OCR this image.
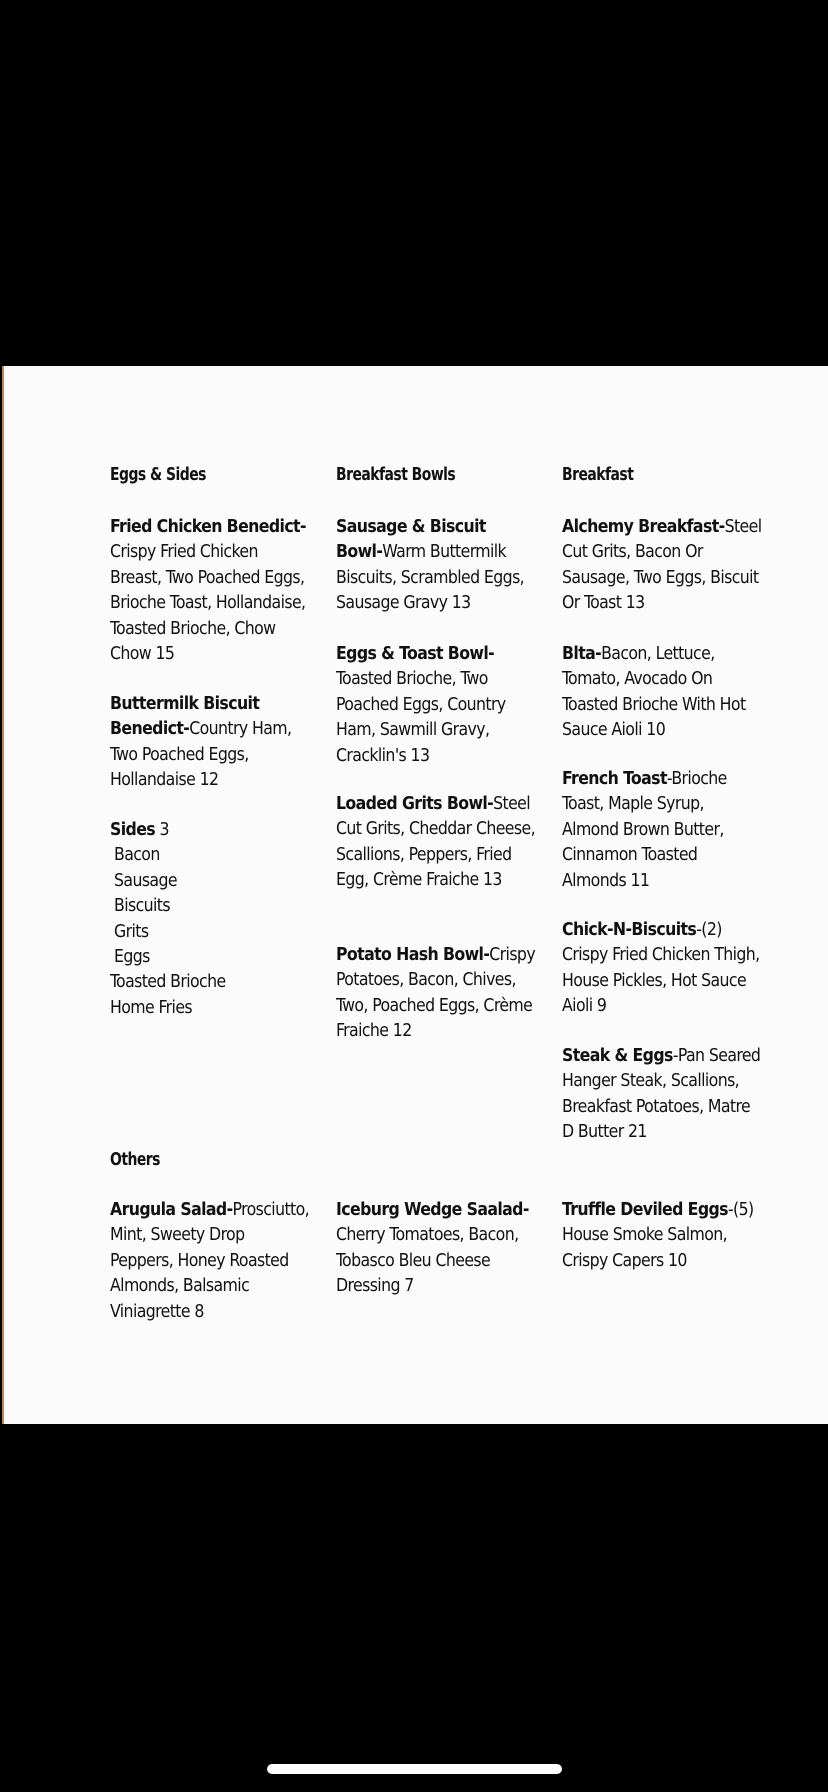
Eggs & Sides
Fried Chicken Benedict-Crispy Fried Chicken Breast, Two Poached Eggs, Brioche Toast, Hollandaise, Toasted Brioche, Chow Chow 15
Buttermilk Biscuit Benedict-Country Ham, Two Poached Eggs, Hollandaise 12
Sides 3
Bacon
Sausage
Biscuits
Grits
Eggs
Toasted Brioche
Home Fries
Breakfast Bowls
Sausage & Biscuit Bowl-Warm Buttermilk Biscuits, Scrambled Eggs, Sausage Gravy 13
Eggs & Toast Bowl-Toasted Brioche, Two Poached Eggs, Country Ham, Sawmill Gravy, Cracklin's 13
Loaded Grits Bowl-Steel Cut Grits, Cheddar Cheese, Scallions, Peppers, Fried Egg, Crème Fraiche 13
Potato Hash Bowl-Crispy Potatoes, Bacon, Chives, Two, Poached Eggs, Crème Fraiche 12
Breakfast
Alchemy Breakfast-Steel Cut Grits, Bacon Or Sausage, Two Eggs, Biscuit Or Toast 13
Blta-Bacon, Lettuce, Tomato, Avocado On Toasted Brioche With Hot Sauce Aioli 10
French Toast-Brioche Toast, Maple Syrup, Almond Brown Butter, Cinnamon Toasted Almonds 11
Chick-N-Biscuits-(2) Crispy Fried Chicken Thigh, House Pickles, Hot Sauce Aioli 9
Steak & Eggs-Pan Seared Hanger Steak, Scallions, Breakfast Potatoes, Matre D Butter 21
Others
Arugula Salad-Prosciutto, Mint, Sweety Drop Peppers, Honey Roasted Almonds, Balsamic Viniagrette 8
Iceburg Wedge Saalad-Cherry Tomatoes, Bacon, Tobasco Bleu Cheese Dressing 7
Truffle Deviled Eggs-(5) House Smoke Salmon, Crispy Capers 10
